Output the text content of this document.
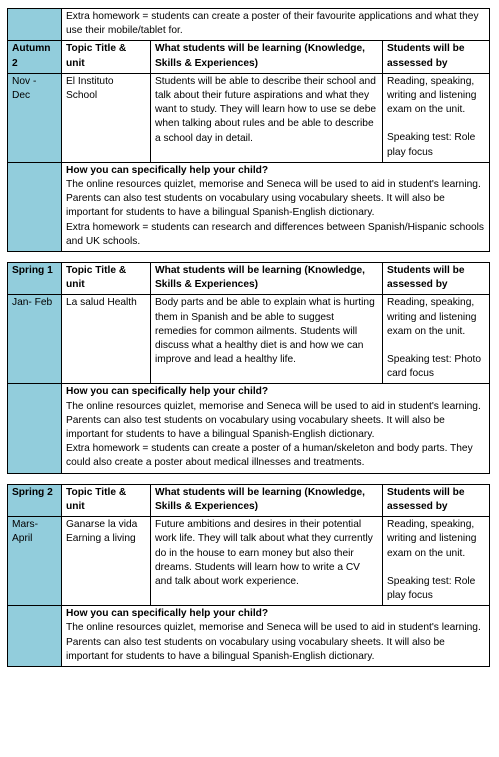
	Extra homework = students can create a poster of their favourite applications and what they use their mobile/tablet for.		
Autumn 2	Topic Title & unit	What students will be learning (Knowledge, Skills & Experiences)	Students will be assessed by
Nov - Dec	El Instituto School	Students will be able to describe their school and talk about their future aspirations and what they want to study. They will learn how to use se debe when talking about rules and be able to describe a school day in detail.	Reading, speaking, writing and listening exam on the unit.
Speaking test: Role play focus

	How you can specifically help your child?
The online resources quizlet, memorise and Seneca will be used to aid in student's learning. Parents can also test students on vocabulary using vocabulary sheets. It will also be important for students to have a bilingual Spanish-English dictionary.
Extra homework = students can research and differences between Spanish/Hispanic schools and UK schools.		

Spring 1	Topic Title & unit	What students will be learning (Knowledge, Skills & Experiences)	Students will be assessed by
Jan- Feb	La salud Health	Body parts and be able to explain what is hurting them in Spanish and be able to suggest remedies for common ailments. Students will discuss what a healthy diet is and how we can improve and lead a healthy life.	Reading, speaking, writing and listening exam on the unit.
Speaking test: Photo card focus

	How you can specifically help your child?
The online resources quizlet, memorise and Seneca will be used to aid in student's learning. Parents can also test students on vocabulary using vocabulary sheets. It will also be important for students to have a bilingual Spanish-English dictionary.
Extra homework = students can create a poster of a human/skeleton and body parts. They could also create a poster about medical illnesses and treatments.		

Spring 2	Topic Title & unit	What students will be learning (Knowledge, Skills & Experiences)	Students will be assessed by
Mars-April	Ganarse la vida Earning a living	Future ambitions and desires in their potential work life. They will talk about what they currently do in the house to earn money but also their dreams. Students will learn how to write a CV and talk about work experience.	Reading, speaking, writing and listening exam on the unit.
Speaking test: Role play focus

	How you can specifically help your child?
The online resources quizlet, memorise and Seneca will be used to aid in student's learning. Parents can also test students on vocabulary using vocabulary sheets. It will also be important for students to have a bilingual Spanish-English dictionary.		
